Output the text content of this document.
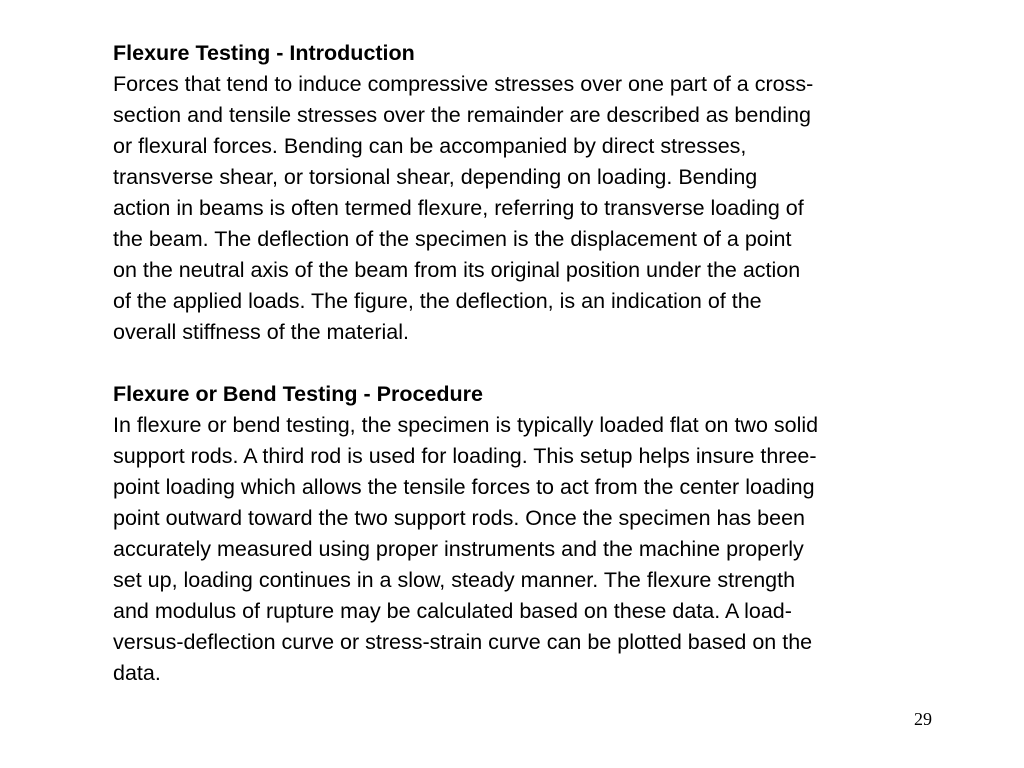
Flexure Testing - Introduction
Forces that tend to induce compressive stresses over one part of a cross-
section and tensile stresses over the remainder are described as bending
or flexural forces. Bending can be accompanied by direct stresses,
transverse shear, or torsional shear, depending on loading. Bending
action in beams is often termed flexure, referring to transverse loading of
the beam. The deflection of the specimen is the displacement of a point
on the neutral axis of the beam from its original position under the action
of the applied loads. The figure, the deflection, is an indication of the
overall stiffness of the material.
Flexure or Bend Testing - Procedure
In flexure or bend testing, the specimen is typically loaded flat on two solid
support rods. A third rod is used for loading. This setup helps insure three-
point loading which allows the tensile forces to act from the center loading
point outward toward the two support rods. Once the specimen has been
accurately measured using proper instruments and the machine properly
set up, loading continues in a slow, steady manner. The flexure strength
and modulus of rupture may be calculated based on these data. A load-
versus-deflection curve or stress-strain curve can be plotted based on the
data.
29
